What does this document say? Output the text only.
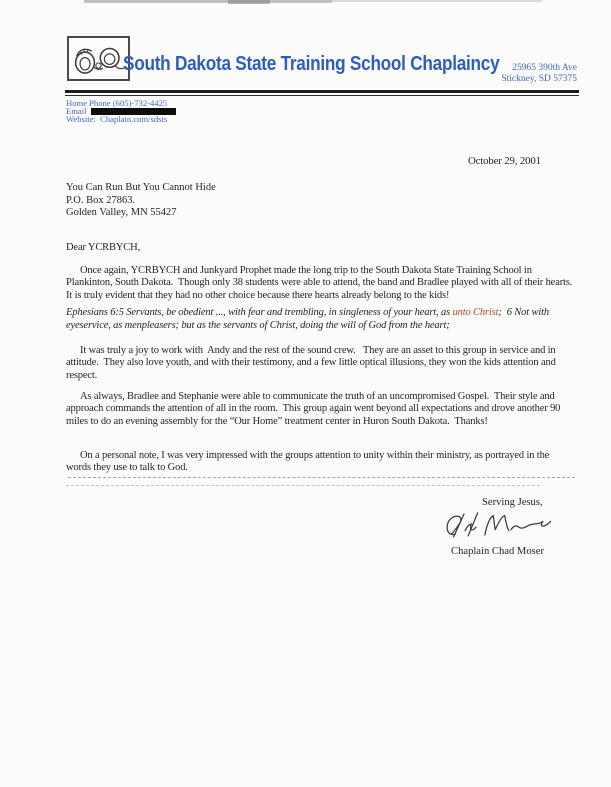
South Dakota State Training School Chaplaincy	25965 390th Ave
Stickney, SD 57375
Home Phone (605)-732-4425
Email
Website:  Chaplain.com/sdsts
October 29, 2001
You Can Run But You Cannot Hide
P.O. Box 27863.
Golden Valley, MN 55427
Dear YCRBYCH,
Once again, YCRBYCH and Junkyard Prophet made the long trip to the South Dakota State Training School in Plankinton, South Dakota.  Though only 38 students were able to attend, the band and Bradlee played with all of their hearts.  It is truly evident that they had no other choice because there hearts already belong to the kids!
Ephesians 6:5 Servants, be obedient ..., with fear and trembling, in singleness of your heart, as unto Christ;  6 Not with eyeservice, as menpleasers; but as the servants of Christ, doing the will of God from the heart;
It was truly a joy to work with  Andy and the rest of the sound crew.   They are an asset to this group in service and in attitude.  They also love youth, and with their testimony, and a few little optical illusions, they won the kids attention and respect.
As always, Bradlee and Stephanie were able to communicate the truth of an uncompromised Gospel.  Their style and approach commands the attention of all in the room.  This group again went beyond all expectations and drove another 90 miles to do an evening assembly for the “Our Home” treatment center in Huron South Dakota.  Thanks!
On a personal note, I was very impressed with the groups attention to unity within their ministry, as portrayed in the words they use to talk to God.
Serving Jesus,
Chaplain Chad Moser
